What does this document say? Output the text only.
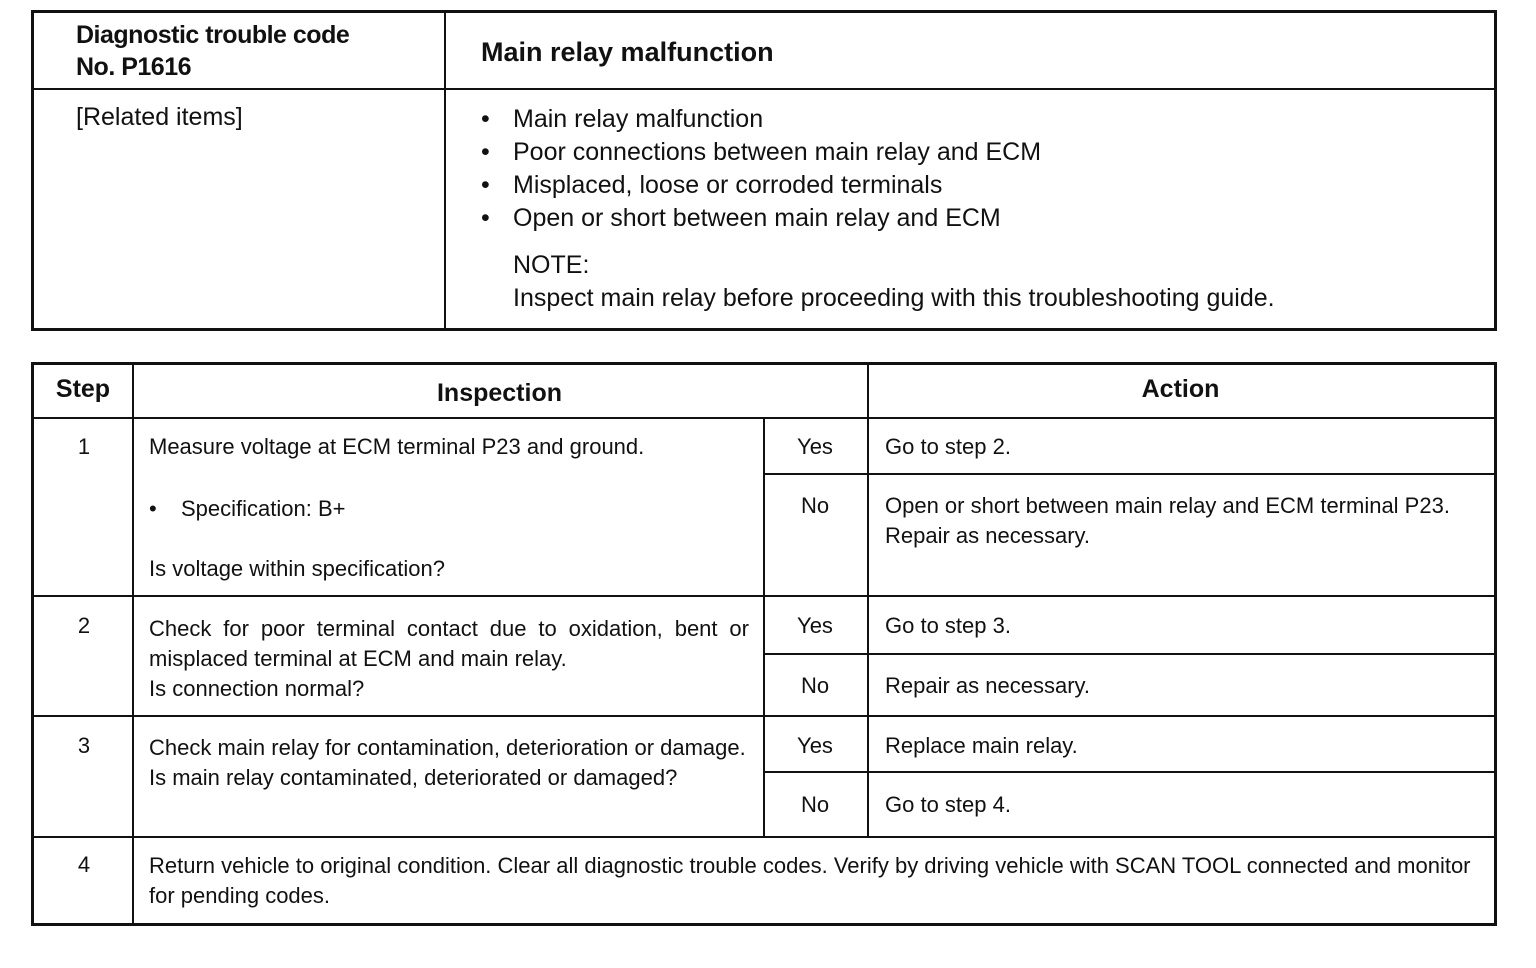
Diagnostic trouble code
No. P1616	Main relay malfunction
[Related items]
•	Main relay malfunction
• Poor connections between main relay and ECM
• Misplaced, loose or corroded terminals
• Open or short between main relay and ECM
NOTE:
Inspect main relay before proceeding with this troubleshooting guide.
Step	Inspection	Action
1	Measure voltage at ECM terminal P23 and ground.
• Specification: B+
Is voltage within specification?
Yes	Go to step 2.
No	Open or short between main relay and ECM terminal P23.
Repair as necessary.
2	Check for poor terminal contact due to oxidation, bent or misplaced terminal at ECM and main relay.
Is connection normal?
Yes	Go to step 3.
No	Repair as necessary.
3	Check main relay for contamination, deterioration or damage.
Is main relay contaminated, deteriorated or damaged?
Yes	Replace main relay.
No	Go to step 4.
4	Return vehicle to original condition. Clear all diagnostic trouble codes. Verify by driving vehicle with SCAN TOOL connected and monitor for pending codes.
